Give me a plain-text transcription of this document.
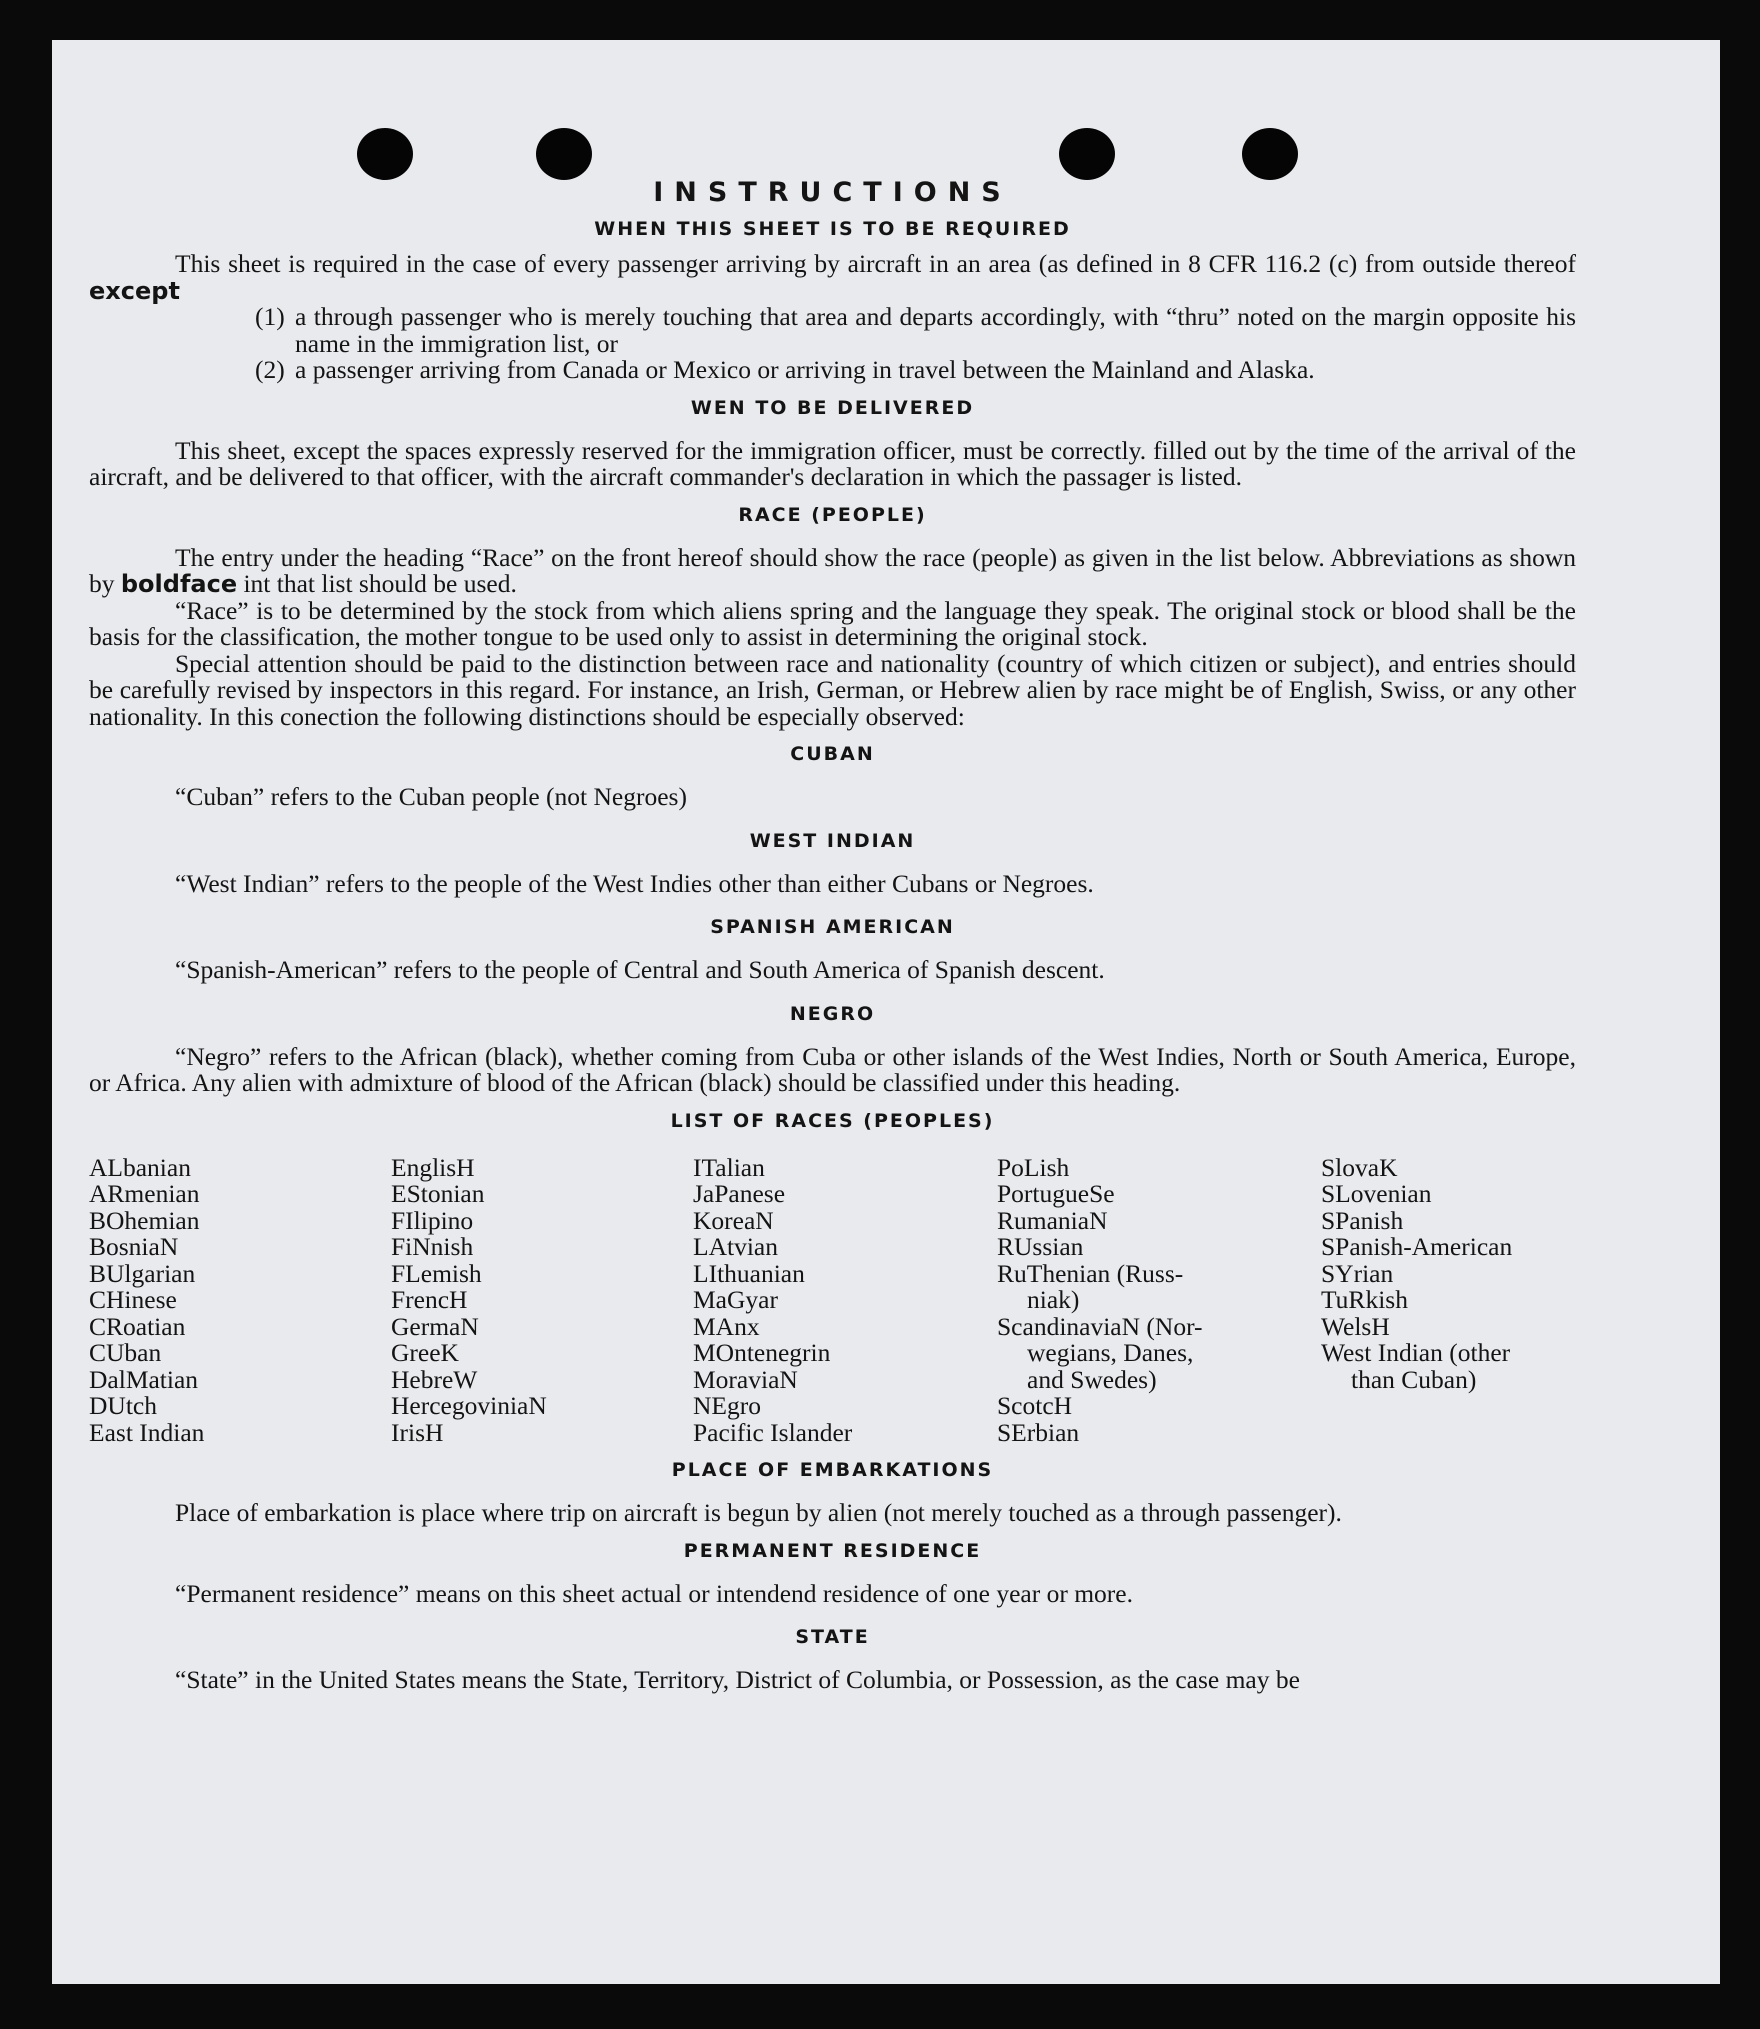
INSTRUCTIONS
WHEN THIS SHEET IS TO BE REQUIRED

This sheet is required in the case of every passenger arriving by aircraft in an area (as defined in 8 CFR 116.2 (c) from outside thereof except

(1) a through passenger who is merely touching that area and departs accordingly, with “thru” noted on the margin opposite his name in the immigration list, or
(2) a passenger arriving from Canada or Mexico or arriving in travel between the Mainland and Alaska.
WEN TO BE DELIVERED

This sheet, except the spaces expressly reserved for the immigration officer, must be correctly. filled out by the time of the arrival of the aircraft, and be delivered to that officer, with the aircraft commander's declaration in which the passager is listed.

RACE (PEOPLE)

The entry under the heading “Race” on the front hereof should show the race (people) as given in the list below. Abbreviations as shown by boldface int that list should be used.

“Race” is to be determined by the stock from which aliens spring and the language they speak. The original stock or blood shall be the basis for the classification, the mother tongue to be used only to assist in determining the original stock.

Special attention should be paid to the distinction between race and nationality (country of which citizen or subject), and entries should be carefully revised by inspectors in this regard. For instance, an Irish, German, or Hebrew alien by race might be of English, Swiss, or any other nationality. In this conection the following distinctions should be especially observed:

CUBAN

“Cuban” refers to the Cuban people (not Negroes)

WEST INDIAN

“West Indian” refers to the people of the West Indies other than either Cubans or Negroes.

SPANISH AMERICAN

“Spanish-American” refers to the people of Central and South America of Spanish descent.

NEGRO

“Negro” refers to the African (black), whether coming from Cuba or other islands of the West Indies, North or South America, Europe, or Africa. Any alien with admixture of blood of the African (black) should be classified under this heading.

LIST OF RACES (PEOPLES)
ALbanian
ARmenian
BOhemian
BosniaN
BUlgarian
CHinese
CRoatian
CUban
DalMatian
DUtch
East Indian
EnglisH
EStonian
FIlipino
FiNnish
FLemish
FrencH
GermaN
GreeK
HebreW
HercegoviniaN
IrisH
ITalian
JaPanese
KoreaN
LAtvian
LIthuanian
MaGyar
MAnx
MOntenegrin
MoraviaN
NEgro
Pacific Islander
PoLish
PortugueSe
RumaniaN
RUssian
RuThenian (Russ-
niak)
ScandinaviaN (Nor-
wegians, Danes,
and Swedes)
ScotcH
SErbian
SlovaK
SLovenian
SPanish
SPanish-American
SYrian
TuRkish
WelsH
West Indian (other
than Cuban)
PLACE OF EMBARKATIONS

Place of embarkation is place where trip on aircraft is begun by alien (not merely touched as a through passenger).

PERMANENT RESIDENCE

“Permanent residence” means on this sheet actual or intendend residence of one year or more.

STATE

“State” in the United States means the State, Territory, District of Columbia, or Possession, as the case may be
